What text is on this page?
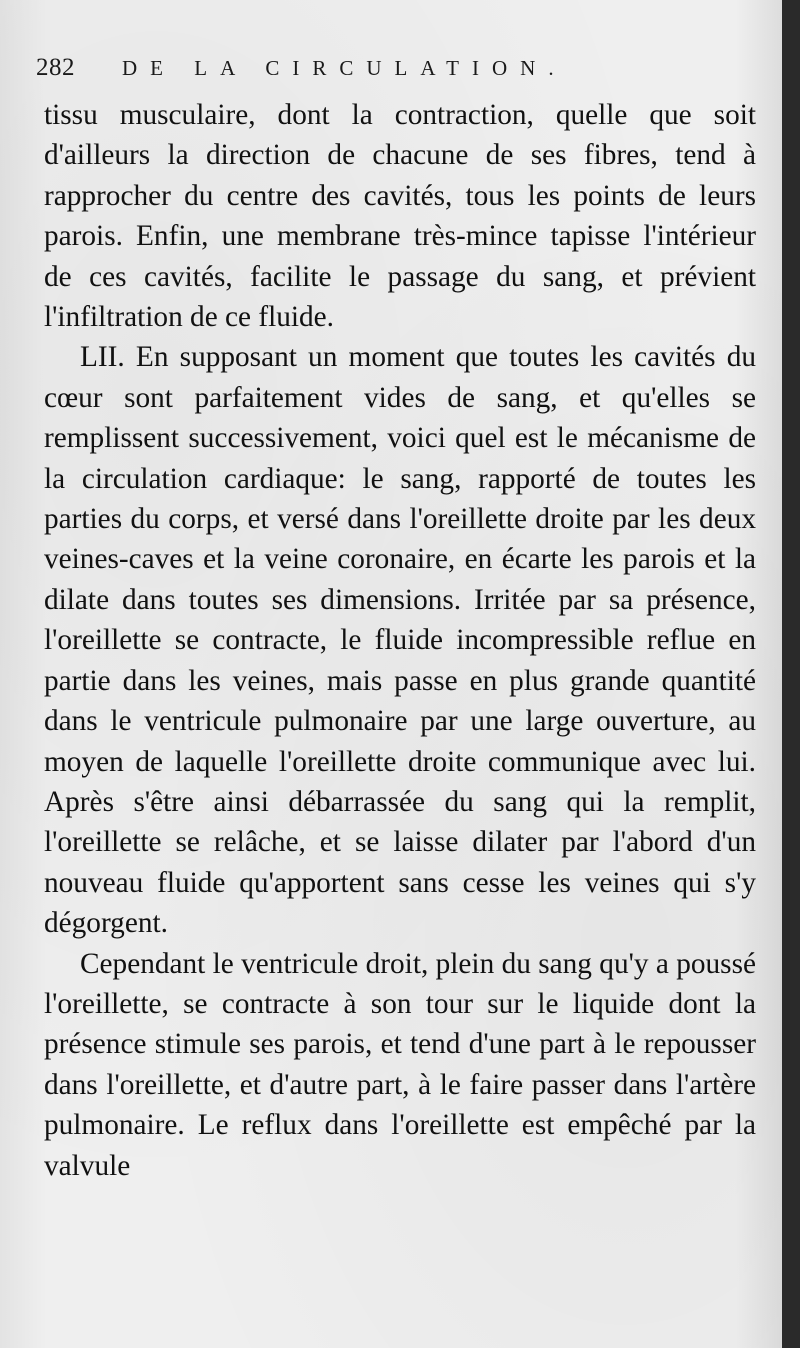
282 DE LA CIRCULATION.

tissu musculaire, dont la contraction, quelle que soit d'ailleurs la direction de chacune de ses fibres, tend à rapprocher du centre des cavités, tous les points de leurs parois. Enfin, une membrane très-mince tapisse l'intérieur de ces cavités, facilite le passage du sang, et prévient l'infiltration de ce fluide.

LII. En supposant un moment que toutes les cavités du cœur sont parfaitement vides de sang, et qu'elles se remplissent successivement, voici quel est le mécanisme de la circulation cardiaque: le sang, rapporté de toutes les parties du corps, et versé dans l'oreillette droite par les deux veines-caves et la veine coronaire, en écarte les parois et la dilate dans toutes ses dimensions. Irritée par sa présence, l'oreillette se contracte, le fluide incompressible reflue en partie dans les veines, mais passe en plus grande quantité dans le ventricule pulmonaire par une large ouverture, au moyen de laquelle l'oreillette droite communique avec lui. Après s'être ainsi débarrassée du sang qui la remplit, l'oreillette se relâche, et se laisse dilater par l'abord d'un nouveau fluide qu'apportent sans cesse les veines qui s'y dégorgent.

Cependant le ventricule droit, plein du sang qu'y a poussé l'oreillette, se contracte à son tour sur le liquide dont la présence stimule ses parois, et tend d'une part à le repousser dans l'oreillette, et d'autre part, à le faire passer dans l'artère pulmonaire. Le reflux dans l'oreillette est empêché par la valvule
